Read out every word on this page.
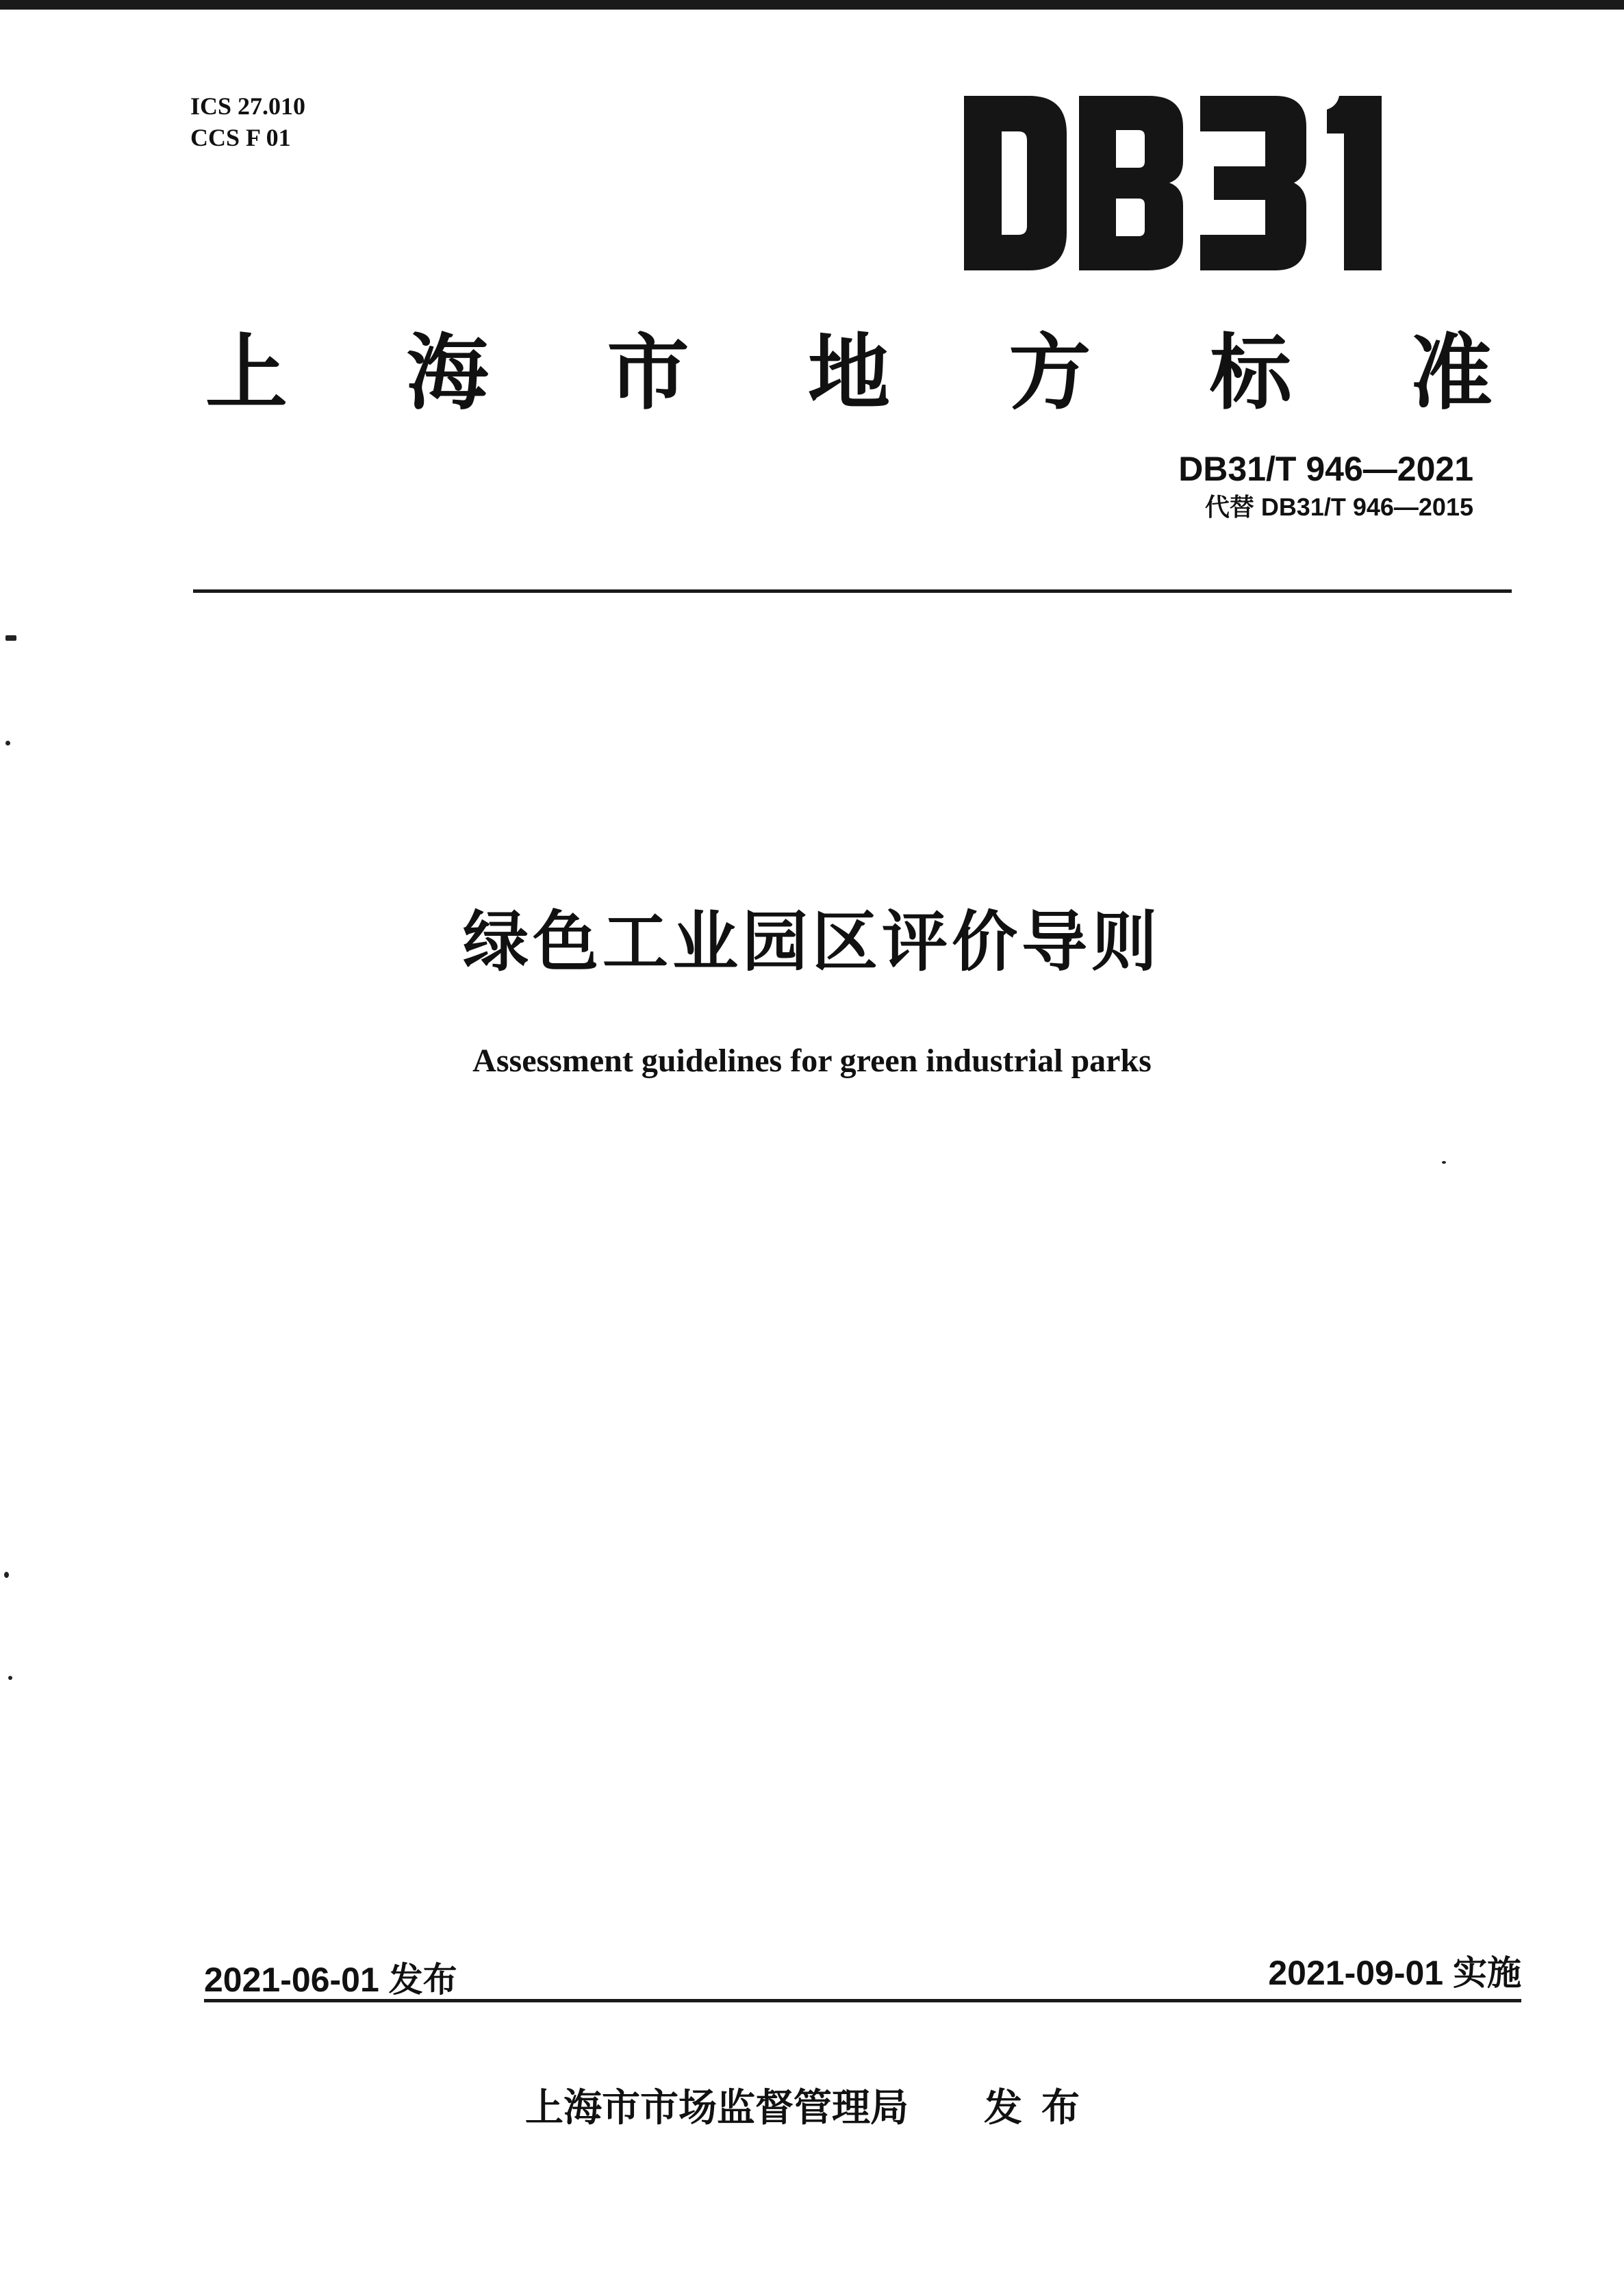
ICS 27.010
CCS F 01
上 海 市 地 方 标 准
DB31/T 946—2021
代替 DB31/T 946—2015
绿色工业园区评价导则
Assessment guidelines for green industrial parks
2021-06-01 发布	2021-09-01 实施
上海市市场监督管理局 发布
